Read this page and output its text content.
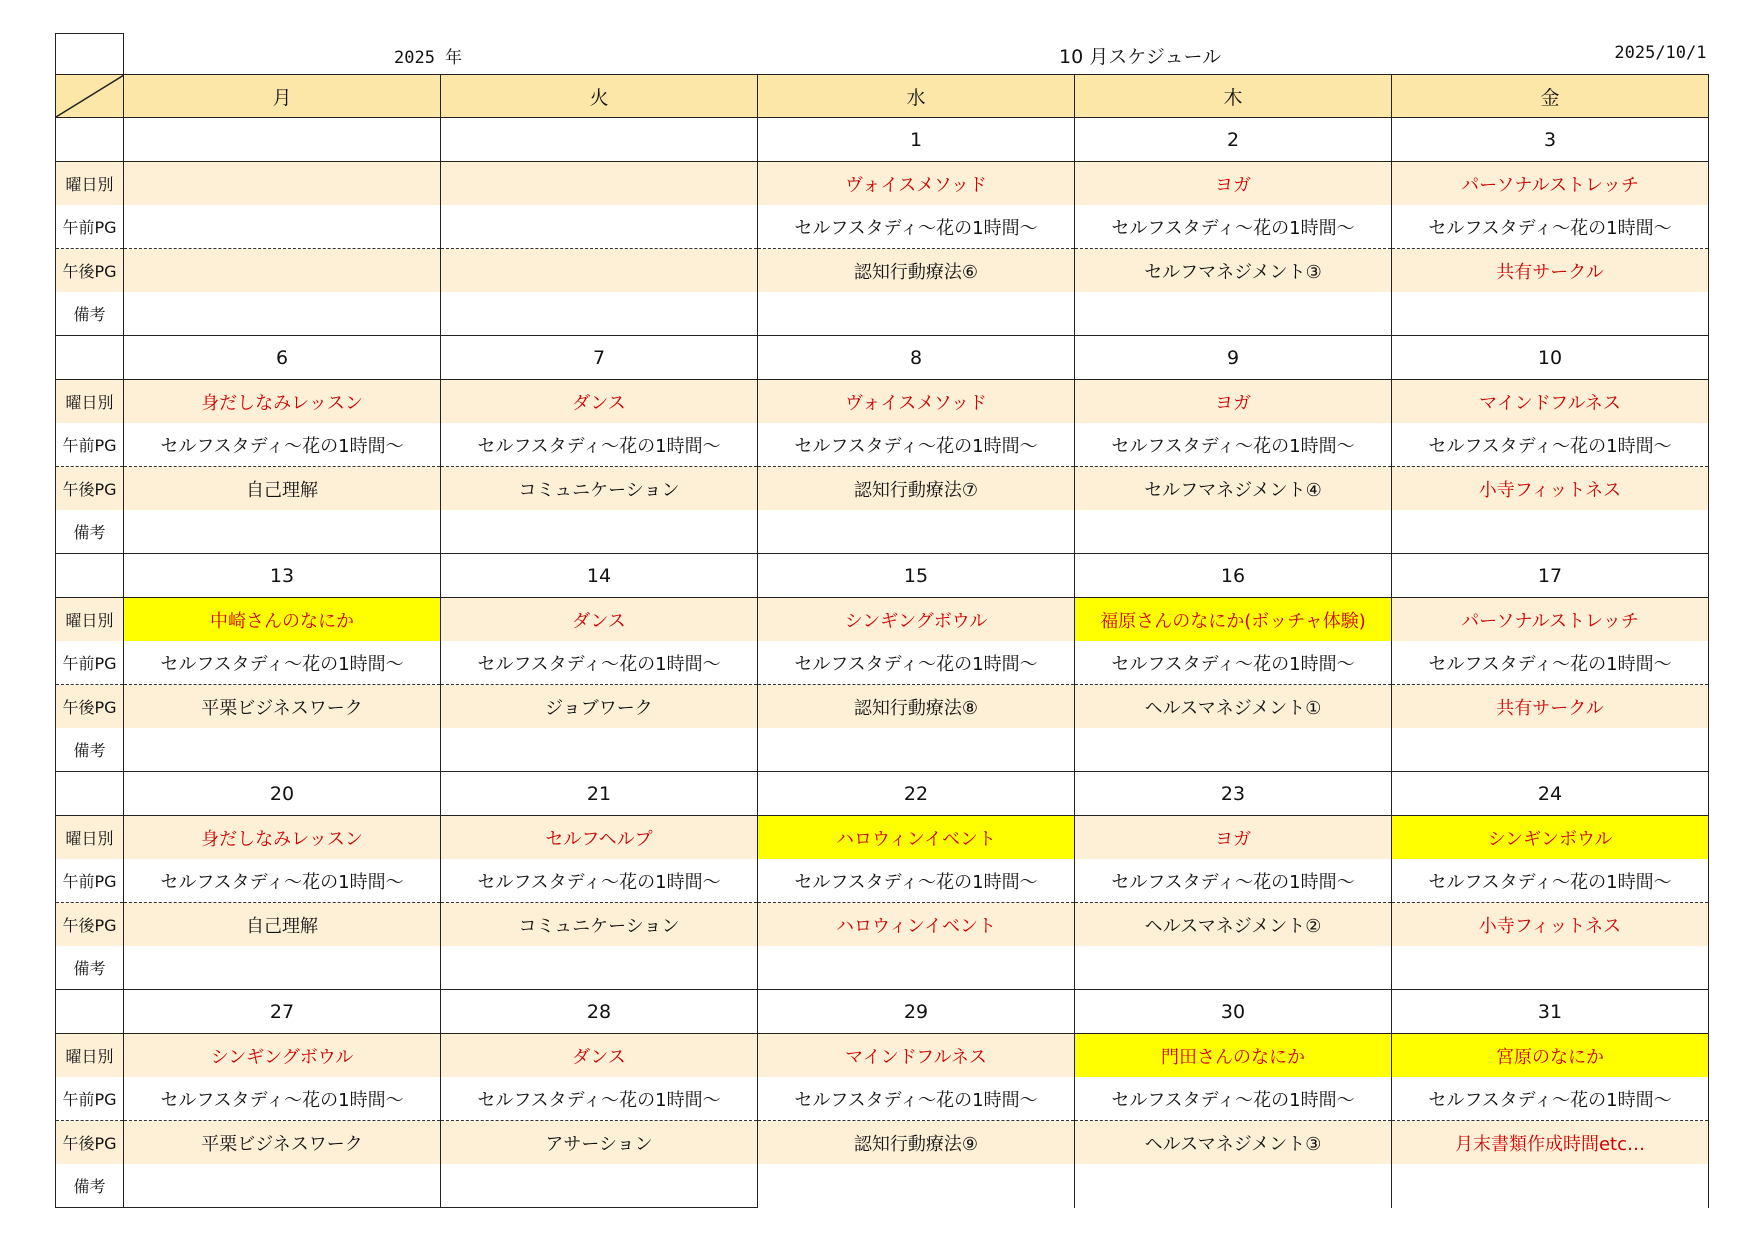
	2025 年 10 月スケジュール 2025/10/1				

	月	火	水	木	金
			1	2	3
曜日別			ヴォイスメソッド	ヨガ	パーソナルストレッチ
午前PG			セルフスタディ～花の1時間～	セルフスタディ～花の1時間～	セルフスタディ～花の1時間～
午後PG			認知行動療法⑥	セルフマネジメント③	共有サークル
備考					
	6	7	8	9	10
曜日別	身だしなみレッスン	ダンス	ヴォイスメソッド	ヨガ	マインドフルネス
午前PG	セルフスタディ～花の1時間～	セルフスタディ～花の1時間～	セルフスタディ～花の1時間～	セルフスタディ～花の1時間～	セルフスタディ～花の1時間～
午後PG	自己理解	コミュニケーション	認知行動療法⑦	セルフマネジメント④	小寺フィットネス
備考					
	13	14	15	16	17
曜日別	中崎さんのなにか	ダンス	シンギングボウル	福原さんのなにか(ボッチャ体験)	パーソナルストレッチ
午前PG	セルフスタディ～花の1時間～	セルフスタディ～花の1時間～	セルフスタディ～花の1時間～	セルフスタディ～花の1時間～	セルフスタディ～花の1時間～
午後PG	平栗ビジネスワーク	ジョブワーク	認知行動療法⑧	ヘルスマネジメント①	共有サークル
備考					
	20	21	22	23	24
曜日別	身だしなみレッスン	セルフヘルプ	ハロウィンイベント	ヨガ	シンギンボウル
午前PG	セルフスタディ～花の1時間～	セルフスタディ～花の1時間～	セルフスタディ～花の1時間～	セルフスタディ～花の1時間～	セルフスタディ～花の1時間～
午後PG	自己理解	コミュニケーション	ハロウィンイベント	ヘルスマネジメント②	小寺フィットネス
備考					
	27	28	29	30	31
曜日別	シンギングボウル	ダンス	マインドフルネス	門田さんのなにか	宮原のなにか
午前PG	セルフスタディ～花の1時間～	セルフスタディ～花の1時間～	セルフスタディ～花の1時間～	セルフスタディ～花の1時間～	セルフスタディ～花の1時間～
午後PG	平栗ビジネスワーク	アサーション	認知行動療法⑨	ヘルスマネジメント③	月末書類作成時間etc…
備考					
